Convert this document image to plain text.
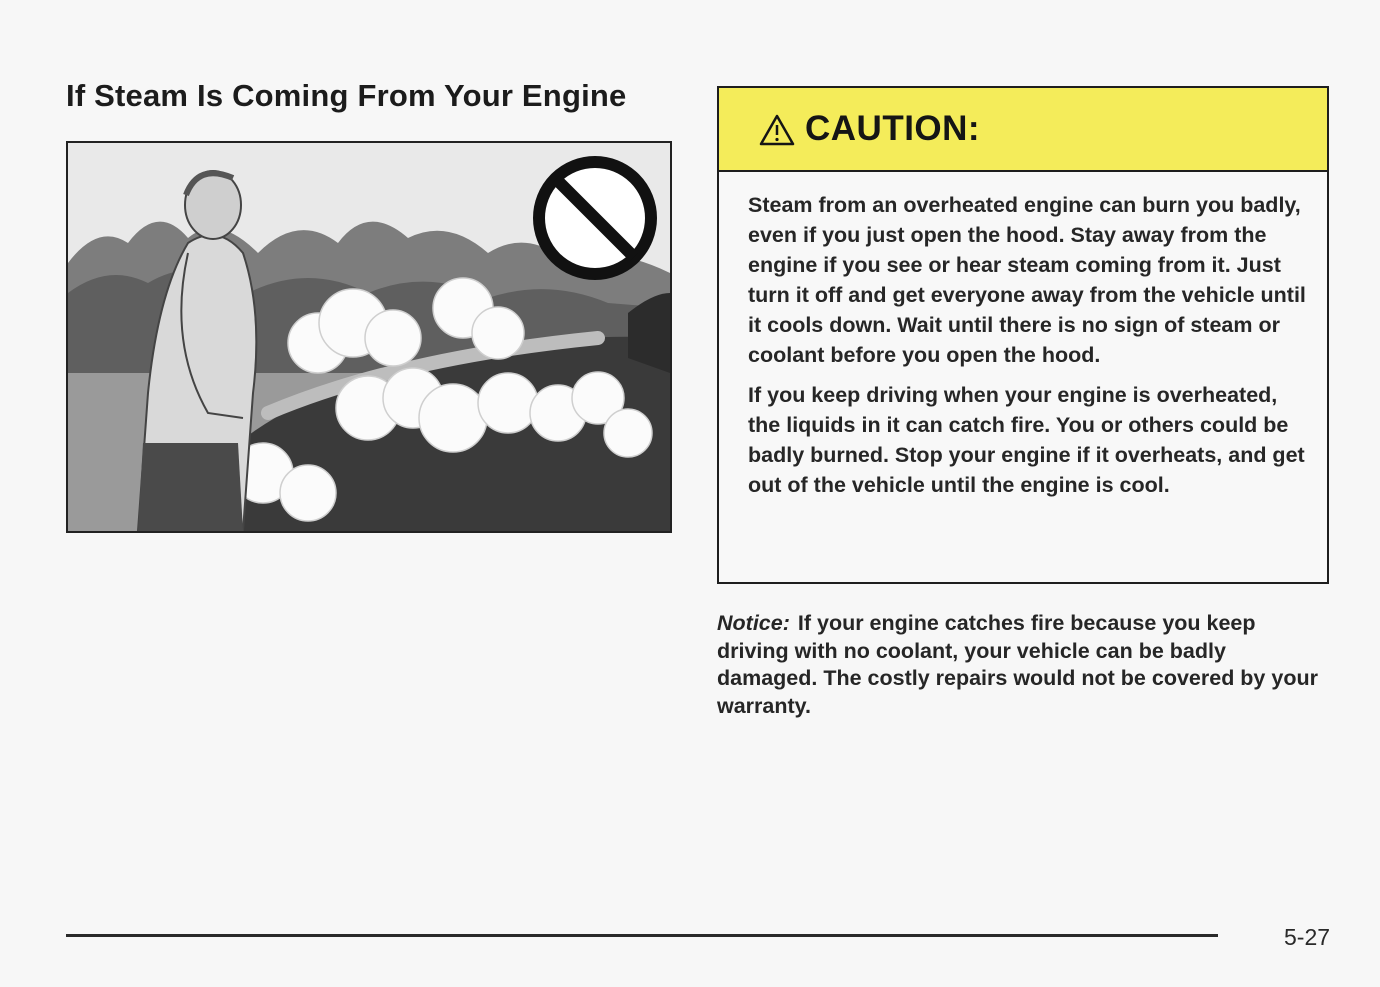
If Steam Is Coming From Your Engine
CAUTION:

Steam from an overheated engine can burn you badly, even if you just open the hood. Stay away from the engine if you see or hear steam coming from it. Just turn it off and get everyone away from the vehicle until it cools down. Wait until there is no sign of steam or coolant before you open the hood.

If you keep driving when your engine is overheated, the liquids in it can catch fire. You or others could be badly burned. Stop your engine if it overheats, and get out of the vehicle until the engine is cool.

Notice: If your engine catches fire because you keep driving with no coolant, your vehicle can be badly damaged. The costly repairs would not be covered by your warranty.

5-27
